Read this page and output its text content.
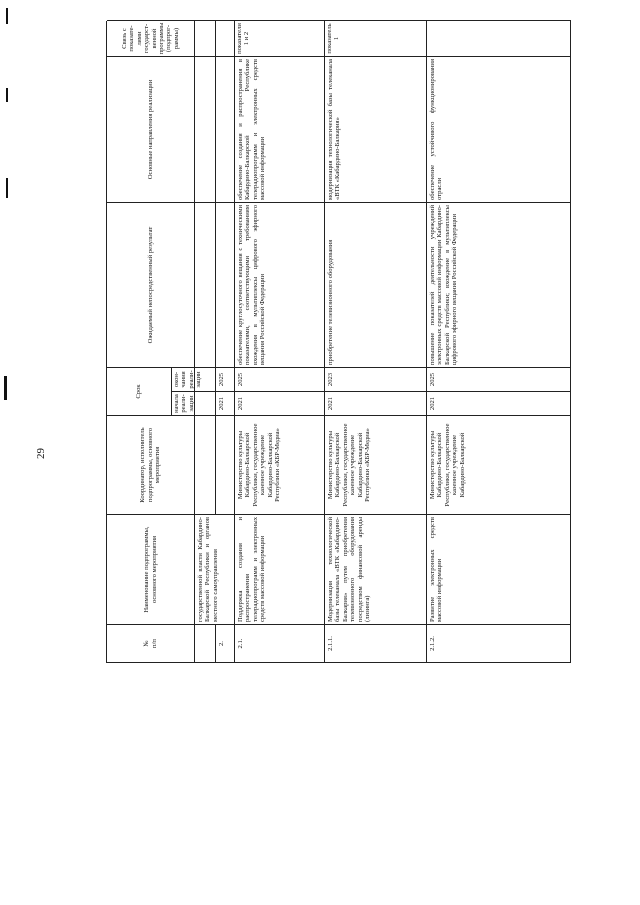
29
№
п/п
Наименование подпрограммы, основного мероприятия
Координатор, исполнитель подпрограммы, основного мероприятия
Срок
Ожидаемый непосредственный результат
Основные направления реализации
Связь с показате-лями государст-венной программы (подпрог-раммы)
начала реали-зации
окон-чания реали-зации
государственной власти Кабардино-Балкарской Республики и органов местного самоуправления
2.
2021
2025
2.1.
Поддержка создания и распространения телерадиопрограмм и электронных средств массовой информации
Министерство культуры Кабардино-Балкарской Республики, государственное казенное учреждение Кабардино-Балкарской Республики «КБР-Медиа»
2021
2025
обеспечение круглосуточного вещания с техническими показателями, соответствующими требованиям вхождения в мультиплексы цифрового эфирного вещания Российской Федерации
обеспечение создания и распространения в Кабардино-Балкарской Республике телерадиопрограмм и электронных средств массовой информации
показатели 1 и 2
2.1.1.
Модернизация технологической базы телеканала «ВТК «Кабардино-Балкария» путем приобретения телевизионного оборудования посредством финансовой аренды (лизинга)
Министерство культуры Кабардино-Балкарской Республики, государственное казенное учреждение Кабардино-Балкарской Республики «КБР-Медиа»
2021
2023
приобретение телевизионного оборудования
модернизация технологической базы телеканала «ВТК «Кабардино-Балкария»
показатель 1
2.1.2.
Развитие электронных средств массовой информации
Министерство культуры Кабардино-Балкарской Республики, государственное казенное учреждение Кабардино-Балкарской
2021
2025
повышение показателей деятельности учреждений электронных средств массовой информации Кабардино-Балкарской Республики; вхождение в мультиплексы цифрового эфирного вещания Российской Федерации
обеспечение устойчивого функционирования отрасли
